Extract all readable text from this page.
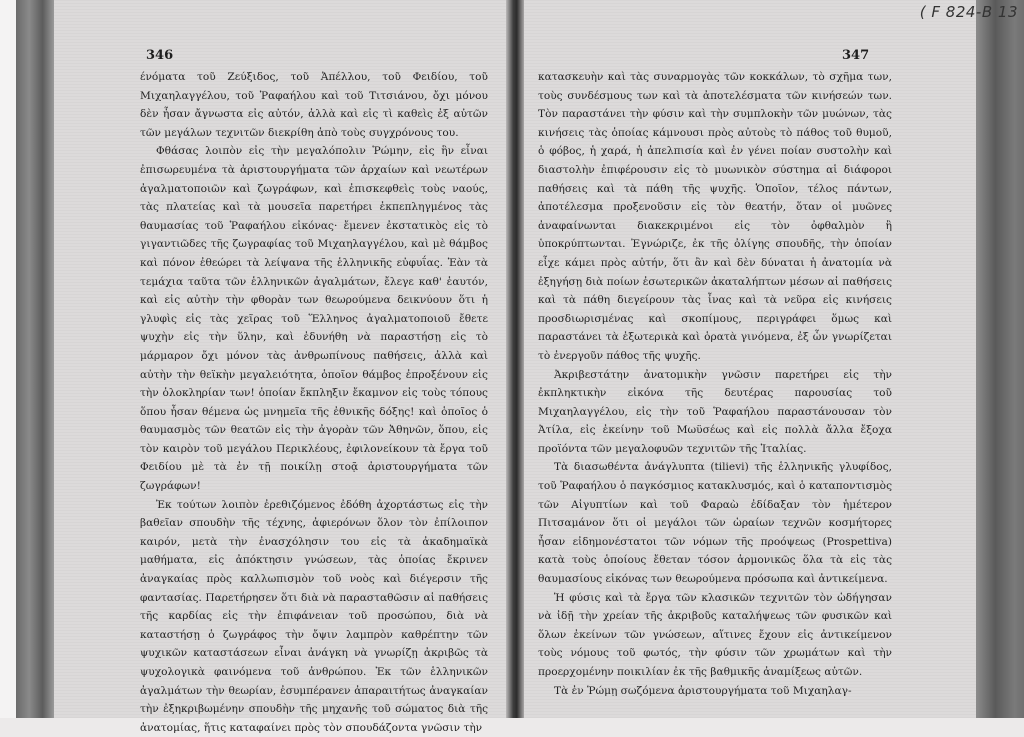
( F 824-B 13
346	347

ένόματα τοῦ Ζεύξιδος, τοῦ Ἀπέλλου, τοῦ Φειδίου, τοῦ Μιχαηλαγγέλου, τοῦ Ῥαφαήλου καὶ τοῦ Τιτσιάνου, ὄχι μόνου δὲν ἦσαν ἄγνωστα εἰς αὐτόν, ἀλλὰ καὶ εἰς τὶ καθεὶς ἐξ αὐτῶν τῶν μεγάλων τεχνιτῶν διεκρίθη ἀπὸ τοὺς συγχρόνους του.

Φθάσας λοιπὸν εἰς τὴν μεγαλόπολιν Ῥώμην, εἰς ἣν εἶναι ἐπισωρευμένα τὰ ἀριστουργήματα τῶν ἀρχαίων καὶ νεωτέρων ἀγαλματοποιῶν καὶ ζωγράφων, καὶ ἐπισκεφθεὶς τοὺς ναούς, τὰς πλατείας καὶ τὰ μουσεῖα παρετήρει ἐκπεπληγμένος τὰς θαυμασίας τοῦ Ῥαφαήλου εἰκόνας· ἔμενεν ἐκστατικὸς εἰς τὸ γιγαντιῶδες τῆς ζωγραφίας τοῦ Μιχαηλαγγέλου, καὶ μὲ θάμβος καὶ πόνον ἐθεώρει τὰ λείψανα τῆς ἑλληνικῆς εὐφυΐας. Ἐὰν τὰ τεμάχια ταῦτα τῶν ἑλληνικῶν ἀγαλμάτων, ἔλεγε καθ' ἑαυτόν, καὶ εἰς αὐτὴν τὴν φθορὰν των θεωρούμενα δεικνύουν ὅτι ἡ γλυφὶς εἰς τὰς χεῖρας τοῦ Ἕλληνος ἀγαλματοποιοῦ ἔθετε ψυχὴν εἰς τὴν ὕλην, καὶ ἐδυνήθη νὰ παραστήσῃ εἰς τὸ μάρμαρον ὄχι μόνον τὰς ἀνθρωπίνους παθήσεις, ἀλλὰ καὶ αὐτὴν τὴν θεϊκὴν μεγαλειότητα, ὁποῖον θάμβος ἐπροξένουν εἰς τὴν ὁλοκληρίαν των! ὁποίαν ἔκπληξιν ἔκαμνον εἰς τοὺς τόπους ὅπου ἦσαν θέμενα ὡς μνημεῖα τῆς ἐθνικῆς δόξης! καὶ ὁποῖος ὁ θαυμασμὸς τῶν θεατῶν εἰς τὴν ἀγορὰν τῶν Ἀθηνῶν, ὅπου, εἰς τὸν καιρὸν τοῦ μεγάλου Περικλέους, ἐφιλονείκουν τὰ ἔργα τοῦ Φειδίου μὲ τὰ ἐν τῇ ποικίλῃ στοᾷ ἀριστουργήματα τῶν ζωγράφων!

Ἐκ τούτων λοιπὸν ἐρεθιζόμενος ἐδόθη ἀχορτάστως εἰς τὴν βαθεῖαν σπουδὴν τῆς τέχνης, ἀφιερόνων ὅλον τὸν ἐπίλοιπον καιρόν, μετὰ τὴν ἐνασχόλησιν του εἰς τὰ ἀκαδημαϊκὰ μαθήματα, εἰς ἀπόκτησιν γνώσεων, τὰς ὁποίας ἔκρινεν ἀναγκαίας πρὸς καλλωπισμὸν τοῦ νοὸς καὶ διέγερσιν τῆς φαντασίας. Παρετήρησεν ὅτι διὰ νὰ παρασταθῶσιν αἱ παθήσεις τῆς καρδίας εἰς τὴν ἐπιφάνειαν τοῦ προσώπου, διὰ νὰ καταστήσῃ ὁ ζωγράφος τὴν ὄψιν λαμπρὸν καθρέπτην τῶν ψυχικῶν καταστάσεων εἶναι ἀνάγκη νὰ γνωρίζῃ ἀκριβῶς τὰ ψυχολογικὰ φαινόμενα τοῦ ἀνθρώπου. Ἐκ τῶν ἑλληνικῶν ἀγαλμάτων τὴν θεωρίαν, ἐσυμπέρανεν ἀπαραιτήτως ἀναγκαίαν τὴν ἐξηκριβωμένην σπουδὴν τῆς μηχανῆς τοῦ σώματος διὰ τῆς ἀνατομίας, ἥτις καταφαίνει πρὸς τὸν σπουδάζοντα γνῶσιν τὴν

κατασκευὴν καὶ τὰς συναρμογὰς τῶν κοκκάλων, τὸ σχῆμα των, τοὺς συνδέσμους των καὶ τὰ ἀποτελέσματα τῶν κινήσεών των. Τὸν παραστάνει τὴν φύσιν καὶ τὴν συμπλοκὴν τῶν μυώνων, τὰς κινήσεις τὰς ὁποίας κάμνουσι πρὸς αὐτοὺς τὸ πάθος τοῦ θυμοῦ, ὁ φόβος, ἡ χαρά, ἡ ἀπελπισία καὶ ἐν γένει ποίαν συστολὴν καὶ διαστολὴν ἐπιφέρουσιν εἰς τὸ μυωνικὸν σύστημα αἱ διάφοροι παθήσεις καὶ τὰ πάθη τῆς ψυχῆς. Ὁποῖον, τέλος πάντων, ἀποτέλεσμα προξενοῦσιν εἰς τὸν θεατήν, ὅταν οἱ μυῶνες ἀναφαίνωνται διακεκριμένοι εἰς τὸν ὀφθαλμὸν ἢ ὑποκρύπτωνται. Ἐγνώριζε, ἐκ τῆς ὀλίγης σπουδῆς, τὴν ὁποίαν εἶχε κάμει πρὸς αὐτήν, ὅτι ἂν καὶ δὲν δύναται ἡ ἀνατομία νὰ ἐξηγήσῃ διὰ ποίων ἐσωτερικῶν ἀκαταλήπτων μέσων αἱ παθήσεις καὶ τὰ πάθη διεγείρουν τὰς ἶνας καὶ τὰ νεῦρα εἰς κινήσεις προσδιωρισμένας καὶ σκοπίμους, περιγράφει ὅμως καὶ παραστάνει τὰ ἐξωτερικὰ καὶ ὁρατὰ γινόμενα, ἐξ ὧν γνωρίζεται τὸ ἐνεργοῦν πάθος τῆς ψυχῆς.

Ἀκριβεστάτην ἀνατομικὴν γνῶσιν παρετήρει εἰς τὴν ἐκπληκτικὴν εἰκόνα τῆς δευτέρας παρουσίας τοῦ Μιχαηλαγγέλου, εἰς τὴν τοῦ Ῥαφαήλου παραστάνουσαν τὸν Ἀτίλα, εἰς ἐκείνην τοῦ Μωϋσέως καὶ εἰς πολλὰ ἄλλα ἔξοχα προϊόντα τῶν μεγαλοφυῶν τεχνιτῶν τῆς Ἰταλίας.

Τὰ διασωθέντα ἀνάγλυπτα (tilievi) τῆς ἑλληνικῆς γλυφίδος, τοῦ Ῥαφαήλου ὁ παγκόσμιος κατακλυσμός, καὶ ὁ καταποντισμὸς τῶν Αἰγυπτίων καὶ τοῦ Φαραὼ ἐδίδαξαν τὸν ἡμέτερον Πιτσαμάνον ὅτι οἱ μεγάλοι τῶν ὡραίων τεχνῶν κοσμήτορες ἦσαν εἰδημονέστατοι τῶν νόμων τῆς προόψεως (Prospettiva) κατὰ τοὺς ὁποίους ἔθεταν τόσον ἁρμονικῶς ὅλα τὰ εἰς τὰς θαυμασίους εἰκόνας των θεωρούμενα πρόσωπα καὶ ἀντικείμενα.

Ἡ φύσις καὶ τὰ ἔργα τῶν κλασικῶν τεχνιτῶν τὸν ὡδήγησαν νὰ ἰδῇ τὴν χρείαν τῆς ἀκριβοῦς καταλήψεως τῶν φυσικῶν καὶ ὅλων ἐκείνων τῶν γνώσεων, αἵτινες ἔχουν εἰς ἀντικείμενον τοὺς νόμους τοῦ φωτός, τὴν φύσιν τῶν χρωμάτων καὶ τὴν προερχομένην ποικιλίαν ἐκ τῆς βαθμικῆς ἀναμίξεως αὐτῶν.

Τὰ ἐν Ῥώμῃ σωζόμενα ἀριστουργήματα τοῦ Μιχαηλαγ-
